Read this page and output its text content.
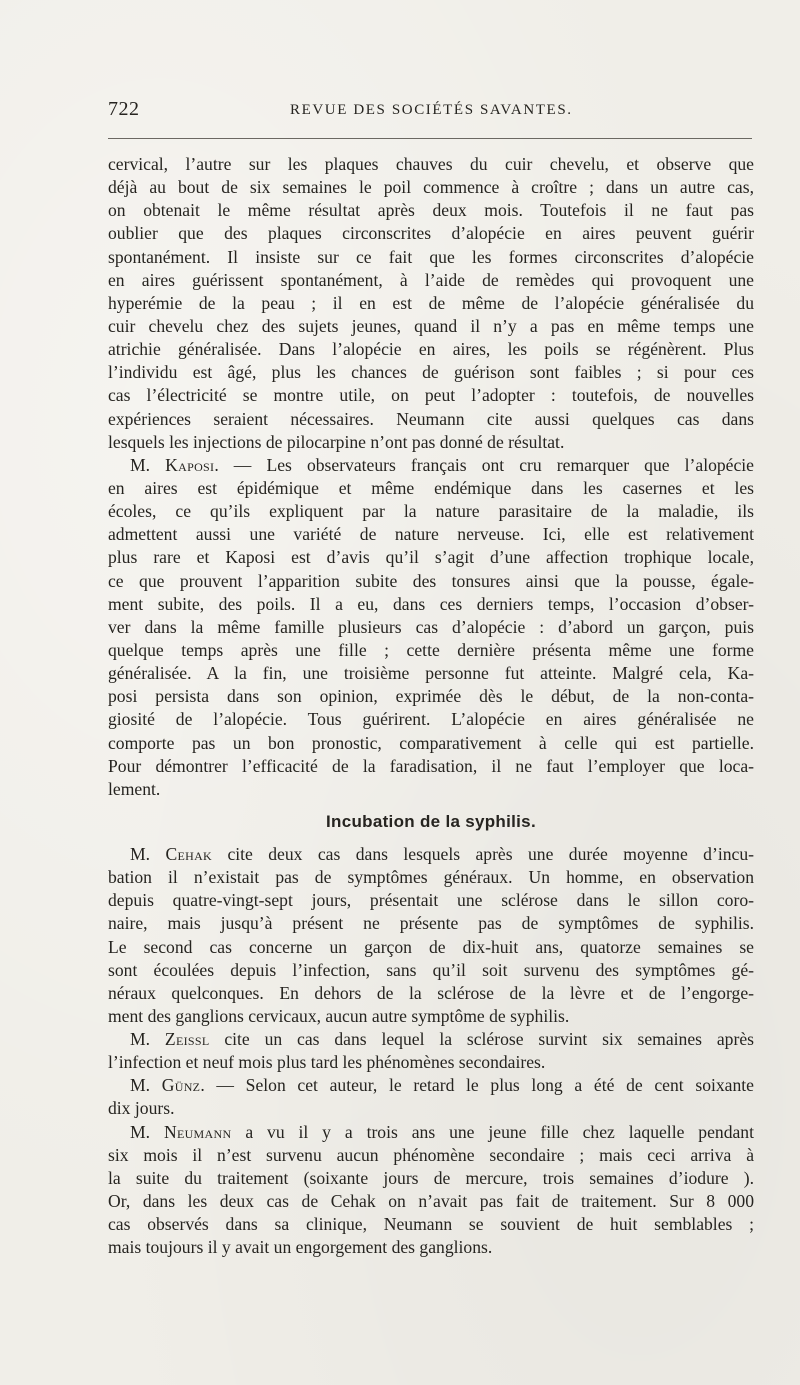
722	REVUE DES SOCIÉTÉS SAVANTES.
cervical, l’autre sur les plaques chauves du cuir chevelu, et observe que
déjà au bout de six semaines le poil commence à croître ; dans un autre cas,
on obtenait le même résultat après deux mois. Toutefois il ne faut pas
oublier que des plaques circonscrites d’alopécie en aires peuvent guérir
spontanément. Il insiste sur ce fait que les formes circonscrites d’alopécie
en aires guérissent spontanément, à l’aide de remèdes qui provoquent une
hyperémie de la peau ; il en est de même de l’alopécie généralisée du
cuir chevelu chez des sujets jeunes, quand il n’y a pas en même temps une
atrichie généralisée. Dans l’alopécie en aires, les poils se régénèrent. Plus
l’individu est âgé, plus les chances de guérison sont faibles ; si pour ces
cas l’électricité se montre utile, on peut l’adopter : toutefois, de nouvelles
expériences seraient nécessaires. Neumann cite aussi quelques cas dans
lesquels les injections de pilocarpine n’ont pas donné de résultat.
M. Kaposi. — Les observateurs français ont cru remarquer que l’alopécie
en aires est épidémique et même endémique dans les casernes et les
écoles, ce qu’ils expliquent par la nature parasitaire de la maladie, ils
admettent aussi une variété de nature nerveuse. Ici, elle est relativement
plus rare et Kaposi est d’avis qu’il s’agit d’une affection trophique locale,
ce que prouvent l’apparition subite des tonsures ainsi que la pousse, égale-
ment subite, des poils. Il a eu, dans ces derniers temps, l’occasion d’obser-
ver dans la même famille plusieurs cas d’alopécie : d’abord un garçon, puis
quelque temps après une fille ; cette dernière présenta même une forme
généralisée. A la fin, une troisième personne fut atteinte. Malgré cela, Ka-
posi persista dans son opinion, exprimée dès le début, de la non-conta-
giosité de l’alopécie. Tous guérirent. L’alopécie en aires généralisée ne
comporte pas un bon pronostic, comparativement à celle qui est partielle.
Pour démontrer l’efficacité de la faradisation, il ne faut l’employer que loca-
lement.
Incubation de la syphilis.
M. Cehak cite deux cas dans lesquels après une durée moyenne d’incu-
bation il n’existait pas de symptômes généraux. Un homme, en observation
depuis quatre-vingt-sept jours, présentait une sclérose dans le sillon coro-
naire, mais jusqu’à présent ne présente pas de symptômes de syphilis.
Le second cas concerne un garçon de dix-huit ans, quatorze semaines se
sont écoulées depuis l’infection, sans qu’il soit survenu des symptômes gé-
néraux quelconques. En dehors de la sclérose de la lèvre et de l’engorge-
ment des ganglions cervicaux, aucun autre symptôme de syphilis.
M. Zeissl cite un cas dans lequel la sclérose survint six semaines après
l’infection et neuf mois plus tard les phénomènes secondaires.
M. Günz. — Selon cet auteur, le retard le plus long a été de cent soixante
dix jours.
M. Neumann a vu il y a trois ans une jeune fille chez laquelle pendant
six mois il n’est survenu aucun phénomène secondaire ; mais ceci arriva à
la suite du traitement (soixante jours de mercure, trois semaines d’iodure ).
Or, dans les deux cas de Cehak on n’avait pas fait de traitement. Sur 8 000
cas observés dans sa clinique, Neumann se souvient de huit semblables ;
mais toujours il y avait un engorgement des ganglions.
